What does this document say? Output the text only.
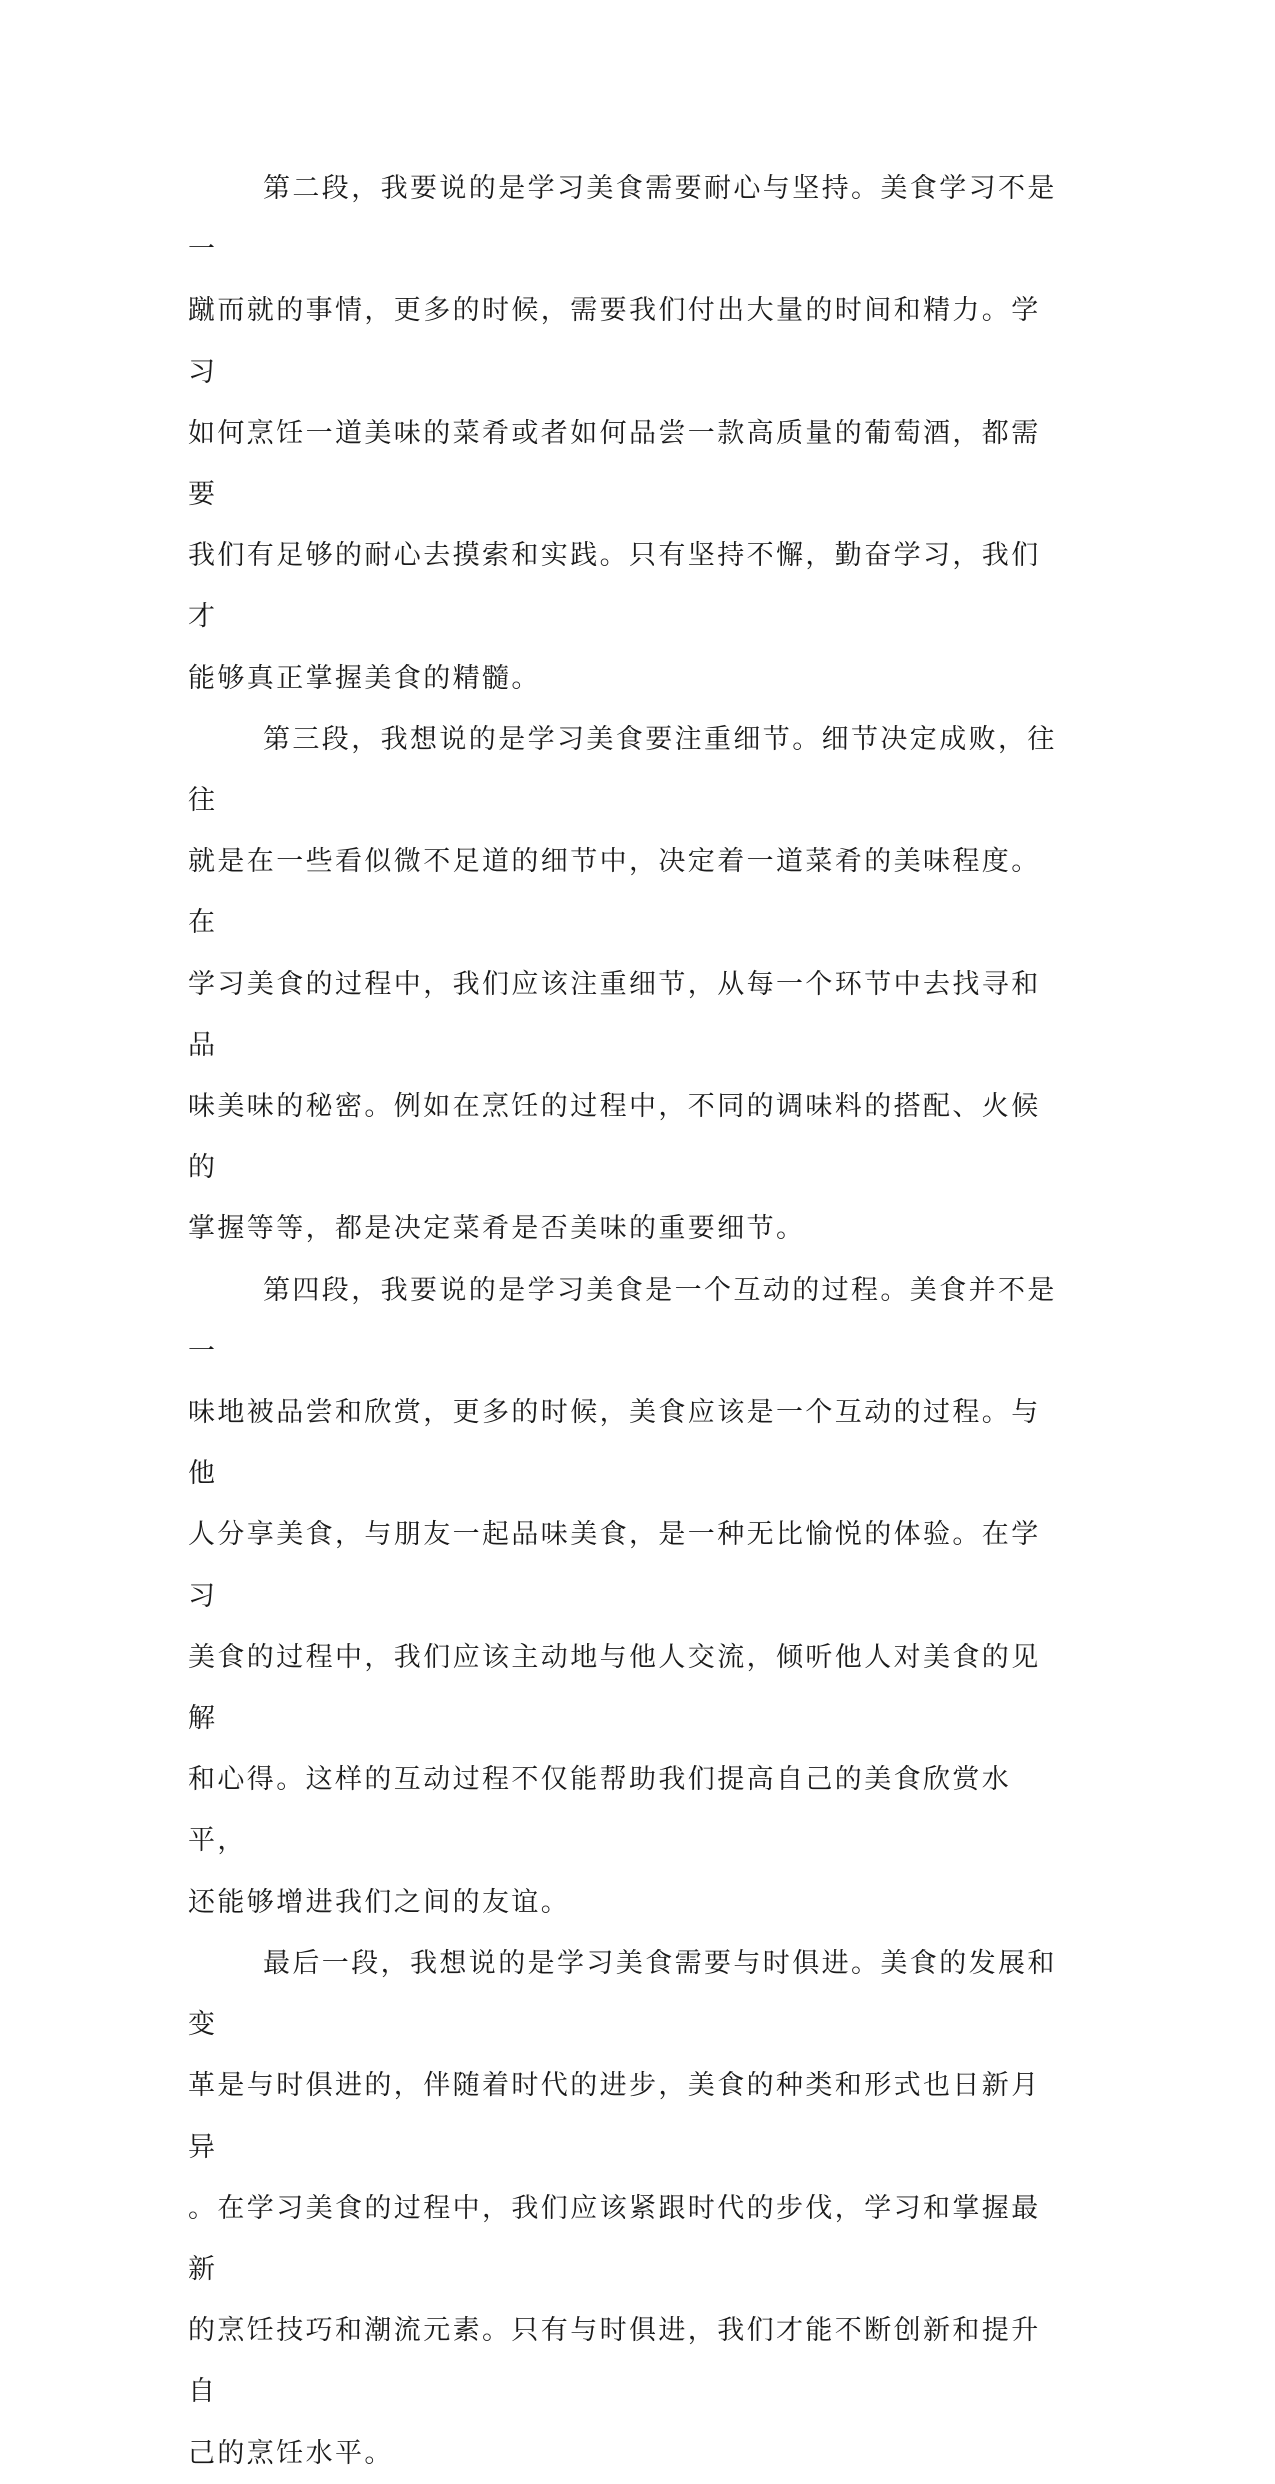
第二段，我要说的是学习美食需要耐心与坚持。美食学习不是一
蹴而就的事情，更多的时候，需要我们付出大量的时间和精力。学习
如何烹饪一道美味的菜肴或者如何品尝一款高质量的葡萄酒，都需要
我们有足够的耐心去摸索和实践。只有坚持不懈，勤奋学习，我们才
能够真正掌握美食的精髓。

第三段，我想说的是学习美食要注重细节。细节决定成败，往往
就是在一些看似微不足道的细节中，决定着一道菜肴的美味程度。在
学习美食的过程中，我们应该注重细节，从每一个环节中去找寻和品
味美味的秘密。例如在烹饪的过程中，不同的调味料的搭配、火候的
掌握等等，都是决定菜肴是否美味的重要细节。

第四段，我要说的是学习美食是一个互动的过程。美食并不是一
味地被品尝和欣赏，更多的时候，美食应该是一个互动的过程。与他
人分享美食，与朋友一起品味美食，是一种无比愉悦的体验。在学习
美食的过程中，我们应该主动地与他人交流，倾听他人对美食的见解
和心得。这样的互动过程不仅能帮助我们提高自己的美食欣赏水平，
还能够增进我们之间的友谊。

最后一段，我想说的是学习美食需要与时俱进。美食的发展和变
革是与时俱进的，伴随着时代的进步，美食的种类和形式也日新月异
。在学习美食的过程中，我们应该紧跟时代的步伐，学习和掌握最新
的烹饪技巧和潮流元素。只有与时俱进，我们才能不断创新和提升自
己的烹饪水平。
